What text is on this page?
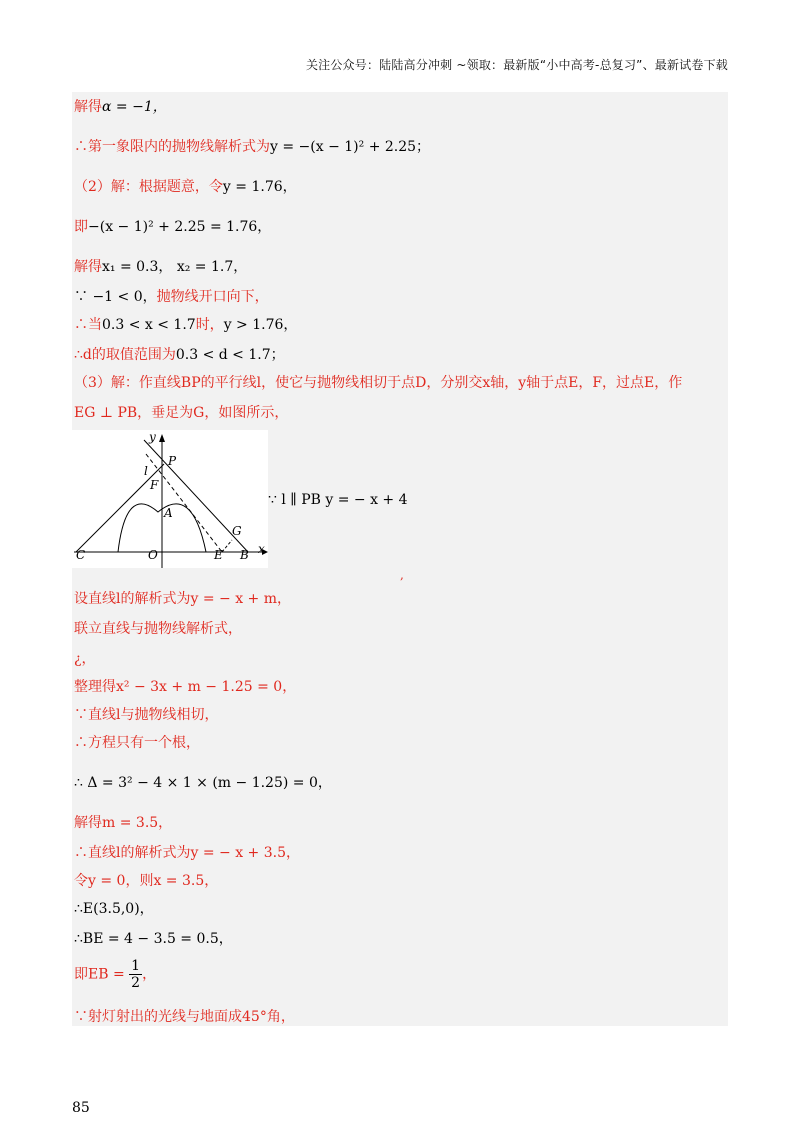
关注公众号：陆陆高分冲刺 ~领取：最新版“小中高考-总复习”、最新试卷下载
解得α = −1，
∴第一象限内的抛物线解析式为y = −(x − 1)² + 2.25；
（2）解：根据题意，令y = 1.76，
即−(x − 1)² + 2.25 = 1.76，
解得x₁ = 0.3， x₂ = 1.7，
∵ −1 < 0，抛物线开口向下，
∴当0.3 < x < 1.7时，y > 1.76，
∴d的取值范围为0.3 < d < 1.7；
（3）解：作直线BP的平行线l，使它与抛物线相切于点D，分别交x轴，y轴于点E，F，过点E，作
EG ⊥ PB，垂足为G，如图所示，
y
x
P
l
F
A
G
C	O	E B
∵ l ∥ PB y = − x + 4
,
设直线l的解析式为y = − x + m，
联立直线与抛物线解析式，
¿，
整理得x² − 3x + m − 1.25 = 0，
∵直线l与抛物线相切，
∴方程只有一个根，
∴ Δ = 3² − 4 × 1 × (m − 1.25) = 0，
解得m = 3.5，
∴直线l的解析式为y = − x + 3.5，
令y = 0，则x = 3.5，
∴E(3.5,0)，
∴BE = 4 − 3.5 = 0.5，
即EB = $\frac{1}{2}$ ，
∵射灯射出的光线与地面成45°角，
85
